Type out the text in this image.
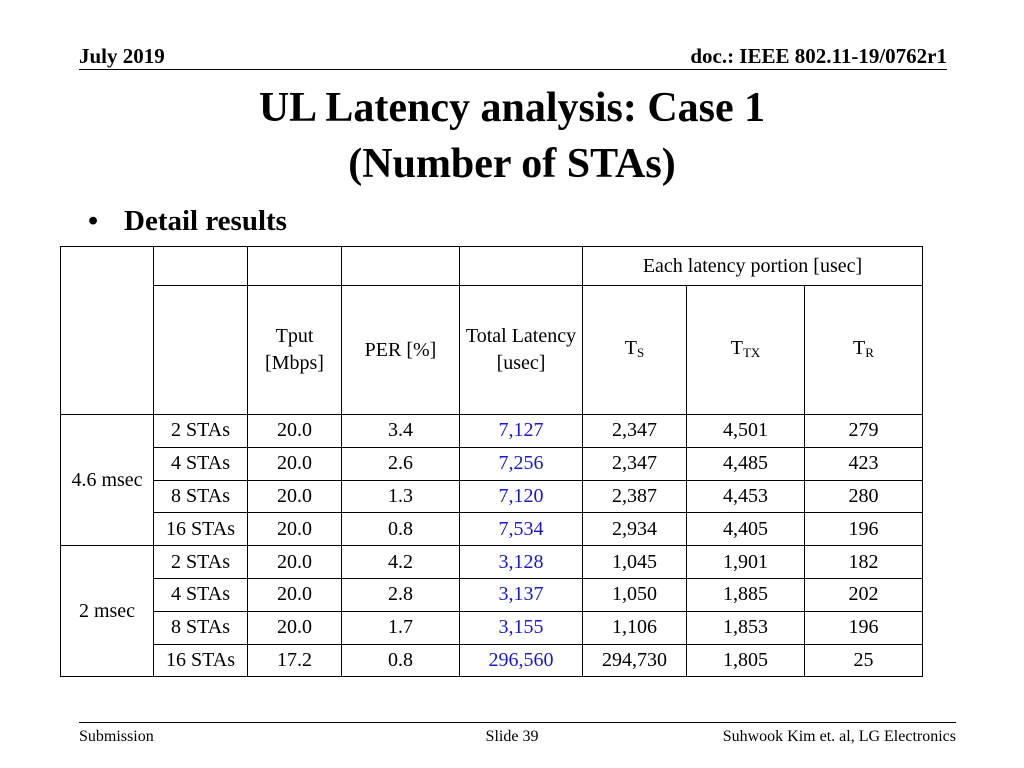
July 2019	doc.: IEEE 802.11-19/0762r1
UL Latency analysis: Case 1
(Number of STAs)
• Detail results
					Each latency portion [usec]		
		Tput [Mbps]	PER [%]	Total Latency [usec]	$T_S$	$T_{TX}$	$T_R$
4.6 msec	2 STAs	20.0	3.4	7,127	2,347	4,501	279
	4 STAs	20.0	2.6	7,256	2,347	4,485	423
	8 STAs	20.0	1.3	7,120	2,387	4,453	280
	16 STAs	20.0	0.8	7,534	2,934	4,405	196
2 msec	2 STAs	20.0	4.2	3,128	1,045	1,901	182
	4 STAs	20.0	2.8	3,137	1,050	1,885	202
	8 STAs	20.0	1.7	3,155	1,106	1,853	196
	16 STAs	17.2	0.8	296,560	294,730	1,805	25
Submission	Slide 39	Suhwook Kim et. al, LG Electronics
